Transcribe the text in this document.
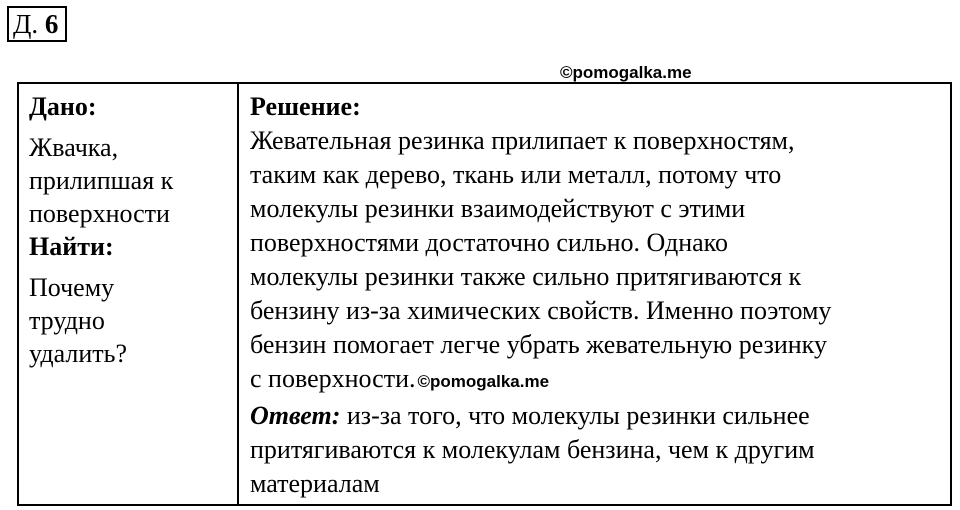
Д. 6
©pomogalka.me
Дано:
Жвачка,
прилипшая к
поверхности
Найти:
Почему
трудно
удалить?
Решение:
Жевательная резинка прилипает к поверхностям,
таким как дерево, ткань или металл, потому что
молекулы резинки взаимодействуют с этими
поверхностями достаточно сильно. Однако
молекулы резинки также сильно притягиваются к
бензину из-за химических свойств. Именно поэтому
бензин помогает легче убрать жевательную резинку
с поверхности. ©pomogalka.me
Ответ: из-за того, что молекулы резинки сильнее
притягиваются к молекулам бензина, чем к другим
материалам
